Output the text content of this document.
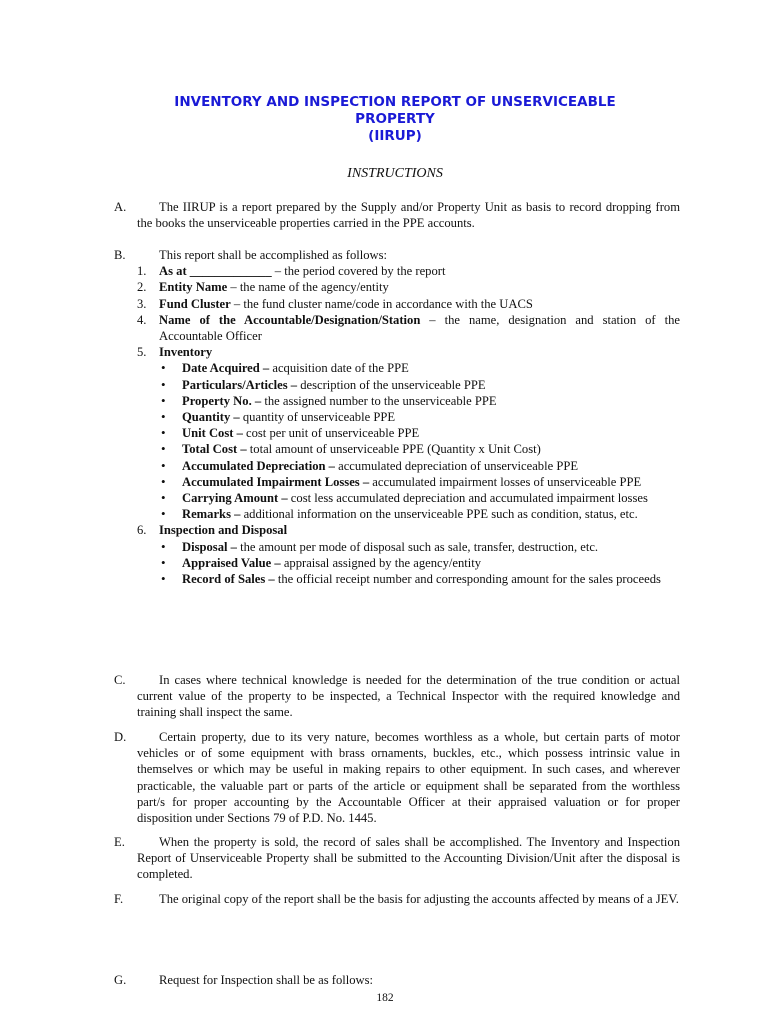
INVENTORY AND INSPECTION REPORT OF UNSERVICEABLE
PROPERTY
(IIRUP)
INSTRUCTIONS
A.	The IIRUP is a report prepared by the Supply and/or Property Unit as basis to record dropping from the books the unserviceable properties carried in the PPE accounts.
B.	This report shall be accomplished as follows:
1. As at _____________ – the period covered by the report
2. Entity Name – the name of the agency/entity
3. Fund Cluster – the fund cluster name/code in accordance with the UACS
4. Name of the Accountable/Designation/Station – the name, designation and station of the Accountable Officer
5. Inventory
• Date Acquired – acquisition date of the PPE
• Particulars/Articles – description of the unserviceable PPE
• Property No. – the assigned number to the unserviceable PPE
• Quantity – quantity of unserviceable PPE
• Unit Cost – cost per unit of unserviceable PPE
• Total Cost – total amount of unserviceable PPE (Quantity x Unit Cost)
• Accumulated Depreciation – accumulated depreciation of unserviceable PPE
• Accumulated Impairment Losses – accumulated impairment losses of unserviceable PPE
• Carrying Amount – cost less accumulated depreciation and accumulated impairment losses
• Remarks – additional information on the unserviceable PPE such as condition, status, etc.
6. Inspection and Disposal
• Disposal – the amount per mode of disposal such as sale, transfer, destruction, etc.
• Appraised Value – appraisal assigned by the agency/entity
• Record of Sales – the official receipt number and corresponding amount for the sales proceeds
C.	In cases where technical knowledge is needed for the determination of the true condition or actual current value of the property to be inspected, a Technical Inspector with the required knowledge and training shall inspect the same.
D.	Certain property, due to its very nature, becomes worthless as a whole, but certain parts of motor vehicles or of some equipment with brass ornaments, buckles, etc., which possess intrinsic value in themselves or which may be useful in making repairs to other equipment. In such cases, and wherever practicable, the valuable part or parts of the article or equipment shall be separated from the worthless part/s for proper accounting by the Accountable Officer at their appraised valuation or for proper disposition under Sections 79 of P.D. No. 1445.
E.	When the property is sold, the record of sales shall be accomplished. The Inventory and Inspection Report of Unserviceable Property shall be submitted to the Accounting Division/Unit after the disposal is completed.
F.	The original copy of the report shall be the basis for adjusting the accounts affected by means of a JEV.
G.	Request for Inspection shall be as follows:
182
